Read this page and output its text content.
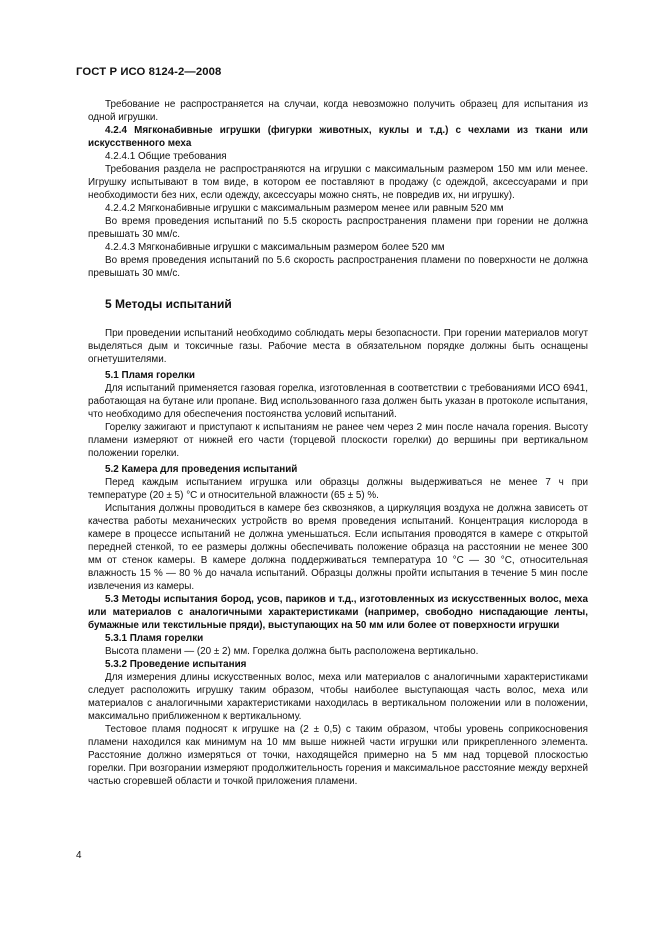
ГОСТ Р ИСО 8124-2—2008

Требование не распространяется на случаи, когда невозможно получить образец для испытания из одной игрушки.

4.2.4 Мягконабивные игрушки (фигурки животных, куклы и т.д.) с чехлами из ткани или искусственного меха

4.2.4.1 Общие требования

Требования раздела не распространяются на игрушки с максимальным размером 150 мм или менее. Игрушку испытывают в том виде, в котором ее поставляют в продажу (с одеждой, аксессуарами и при необходимости без них, если одежду, аксессуары можно снять, не повредив их, ни игрушку).

4.2.4.2 Мягконабивные игрушки с максимальным размером менее или равным 520 мм

Во время проведения испытаний по 5.5 скорость распространения пламени при горении не должна превышать 30 мм/с.

4.2.4.3 Мягконабивные игрушки с максимальным размером более 520 мм

Во время проведения испытаний по 5.6 скорость распространения пламени по поверхности не должна превышать 30 мм/с.

5 Методы испытаний

При проведении испытаний необходимо соблюдать меры безопасности. При горении материалов могут выделяться дым и токсичные газы. Рабочие места в обязательном порядке должны быть оснащены огнетушителями.

5.1 Пламя горелки

Для испытаний применяется газовая горелка, изготовленная в соответствии с требованиями ИСО 6941, работающая на бутане или пропане. Вид использованного газа должен быть указан в протоколе испытания, что необходимо для обеспечения постоянства условий испытаний.

Горелку зажигают и приступают к испытаниям не ранее чем через 2 мин после начала горения. Высоту пламени измеряют от нижней его части (торцевой плоскости горелки) до вершины при вертикальном положении горелки.

5.2 Камера для проведения испытаний

Перед каждым испытанием игрушка или образцы должны выдерживаться не менее 7 ч при температуре (20 ± 5) °С и относительной влажности (65 ± 5) %.

Испытания должны проводиться в камере без сквозняков, а циркуляция воздуха не должна зависеть от качества работы механических устройств во время проведения испытаний. Концентрация кислорода в камере в процессе испытаний не должна уменьшаться. Если испытания проводятся в камере с открытой передней стенкой, то ее размеры должны обеспечивать положение образца на расстоянии не менее 300 мм от стенок камеры. В камере должна поддерживаться температура 10 °С — 30 °С, относительная влажность 15 % — 80 % до начала испытаний. Образцы должны пройти испытания в течение 5 мин после извлечения из камеры.

5.3 Методы испытания бород, усов, париков и т.д., изготовленных из искусственных волос, меха или материалов с аналогичными характеристиками (например, свободно ниспадающие ленты, бумажные или текстильные пряди), выступающих на 50 мм или более от поверхности игрушки

5.3.1 Пламя горелки

Высота пламени — (20 ± 2) мм. Горелка должна быть расположена вертикально.

5.3.2 Проведение испытания

Для измерения длины искусственных волос, меха или материалов с аналогичными характеристиками следует расположить игрушку таким образом, чтобы наиболее выступающая часть волос, меха или материалов с аналогичными характеристиками находилась в вертикальном положении или в положении, максимально приближенном к вертикальному.

Тестовое пламя подносят к игрушке на (2 ± 0,5) с таким образом, чтобы уровень соприкосновения пламени находился как минимум на 10 мм выше нижней части игрушки или прикрепленного элемента. Расстояние должно измеряться от точки, находящейся примерно на 5 мм над торцевой плоскостью горелки. При возгорании измеряют продолжительность горения и максимальное расстояние между верхней частью сгоревшей области и точкой приложения пламени.

4
